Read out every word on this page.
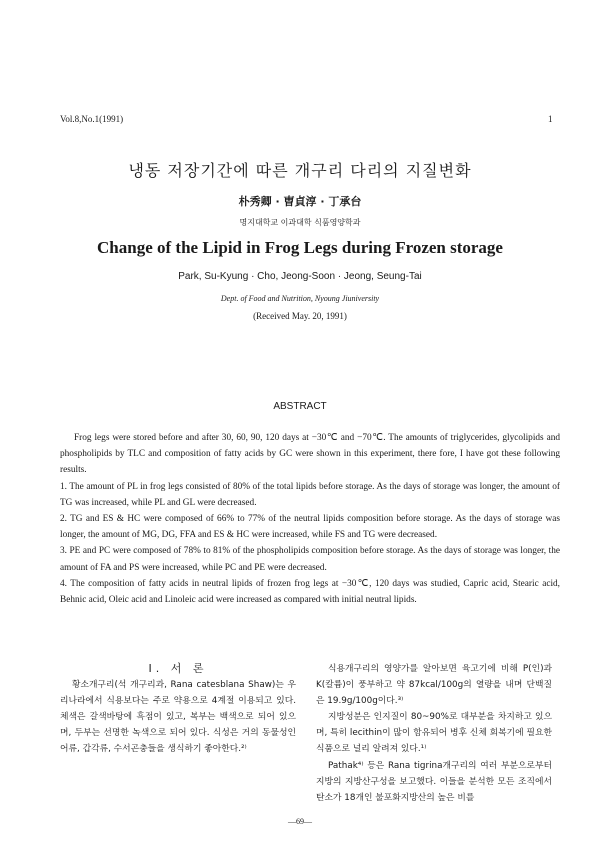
Vol.8,No.1(1991)	1
냉동 저장기간에 따른 개구리 다리의 지질변화
朴秀卿 · 曺貞淳 · 丁承台
명지대학교 이과대학 식품영양학과
Change of the Lipid in Frog Legs during Frozen storage
Park, Su-Kyung · Cho, Jeong-Soon · Jeong, Seung-Tai
Dept. of Food and Nutrition, Nyoung Jiuniversity
(Received May. 20, 1991)
ABSTRACT

Frog legs were stored before and after 30, 60, 90, 120 days at −30℃ and −70℃. The amounts of triglycerides, glycolipids and phospholipids by TLC and composition of fatty acids by GC were shown in this experiment, there fore, I have got these following results.

1. The amount of PL in frog legs consisted of 80% of the total lipids before storage. As the days of storage was longer, the amount of TG was increased, while PL and GL were decreased.

2. TG and ES & HC were composed of 66% to 77% of the neutral lipids composition before storage. As the days of storage was longer, the amount of MG, DG, FFA and ES & HC were increased, while FS and TG were decreased.

3. PE and PC were composed of 78% to 81% of the phospholipids composition before storage. As the days of storage was longer, the amount of FA and PS were increased, while PC and PE were decreased.

4. The composition of fatty acids in neutral lipids of frozen frog legs at −30℃, 120 days was studied, Capric acid, Stearic acid, Behnic acid, Oleic acid and Linoleic acid were increased as compared with initial neutral lipids.

I. 서 론

황소개구리(석 개구리과, Rana catesblana Shaw)는 우리나라에서 식용보다는 주로 약용으로 4계절 이용되고 있다. 체색은 갈색바탕에 흑점이 있고, 복부는 백색으로 되어 있으며, 두부는 선명한 녹색으로 되어 있다. 식성은 거의 동물성인 어류, 갑각류, 수서곤충들을 생식하기 좋아한다.²⁾

식용개구리의 영양가를 알아보면 육고기에 비해 P(인)과 K(칼륨)이 풍부하고 약 87kcal/100g의 열량을 내며 단백질은 19.9g/100g이다.³⁾

지방성분은 인지질이 80~90%로 대부분을 차지하고 있으며, 특히 lecithin이 많이 함유되어 병후 신체 회복기에 필요한 식품으로 널리 알려져 있다.¹⁾

Pathak⁴⁾ 등은 Rana tigrina개구리의 여러 부분으로부터 지방의 지방산구성을 보고했다. 이들을 분석한 모든 조직에서 탄소가 18개인 불포화지방산의 높은 비를

—69—
